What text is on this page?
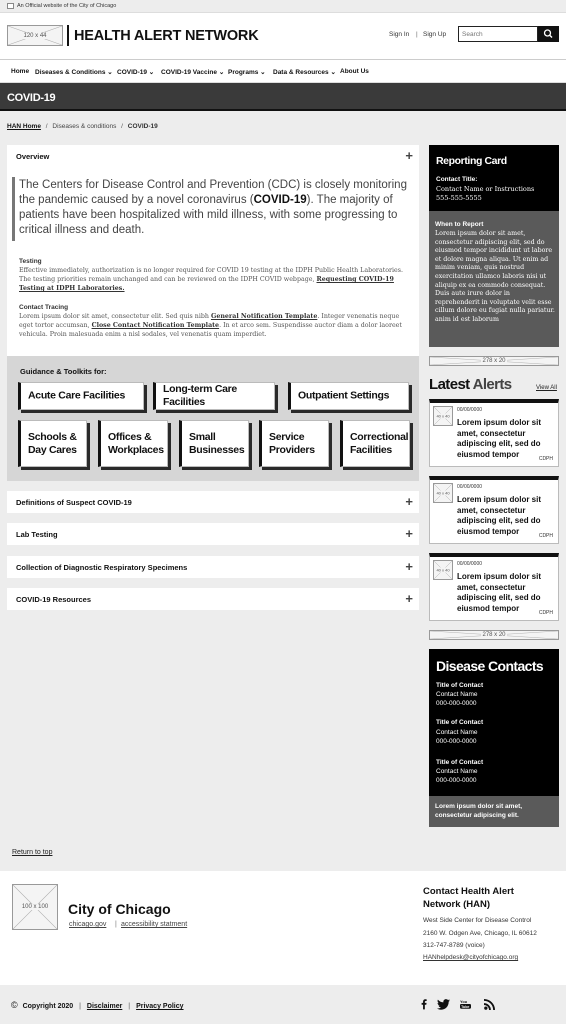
An Official website of the City of Chicago
120 x 44	HEALTH ALERT NETWORK	Sign In | Sign Up
Search
Home Diseases & Conditions ⌄ COVID-19 ⌄ COVID-19 Vaccine ⌄ Programs ⌄ Data & Resources ⌄ About Us
COVID-19
HAN Home / Diseases & conditions / COVID-19
Overview	+
The Centers for Disease Control and Prevention (CDC) is closely monitoring the pandemic caused by a novel coronavirus (COVID-19). The majority of patients have been hospitalized with mild illness, with some progressing to critical illness and death.
Testing
Effective immediately, authorization is no longer required for COVID 19 testing at the IDPH Public Health Laboratories. The testing priorities remain unchanged and can be reviewed on the IDPH COVID webpage, Requesting COVID-19 Testing at IDPH Laboratories.
Contact Tracing
Lorem ipsum dolor sit amet, consectetur elit. Sed quis nibh General Notification Template. Integer venenatis neque eget tortor accumsan, Close Contact Notification Template. In et arco sem. Suspendisse auctor diam a dolor laoreet vehicula. Proin malesuada enim a nisl sodales, vel venenatis quam imperdiet.
Guidance & Toolkits for:
Acute Care Facilities
Long-term Care Facilities
Outpatient Settings
Schools & Day Cares
Offices & Workplaces
Small Businesses
Service Providers
Correctional Facilities
Definitions of Suspect COVID-19	+
Lab Testing	+
Collection of Diagnostic Respiratory Specimens	+
COVID-19 Resources	+
Reporting Card
Contact Title:
Contact Name or Instructions
555-555-5555
When to Report
Lorem ipsum dolor sit amet, consectetur adipiscing elit, sed do eiusmod tempor incididunt ut labore et dolore magna aliqua. Ut enim ad minim veniam, quis nostrud exercitation ullamco laboris nisi ut aliquip ex ea commodo consequat. Duis aute irure dolor in reprehenderit in voluptate velit esse cillum dolore eu fugiat nulla pariatur. anim id est laborum
278 x 20
Latest Alerts	View All
40 x 40
00/00/0000
Lorem ipsum dolor sit amet, consectetur adipiscing elit, sed do eiusmod tempor
CDPH
40 x 40
00/00/0000
Lorem ipsum dolor sit amet, consectetur adipiscing elit, sed do eiusmod tempor
CDPH
40 x 40
00/00/0000
Lorem ipsum dolor sit amet, consectetur adipiscing elit, sed do eiusmod tempor
CDPH
278 x 20
Disease Contacts
Title of Contact
Contact Name
000-000-0000
Title of Contact
Contact Name
000-000-0000
Title of Contact
Contact Name
000-000-0000
Lorem ipsum dolor sit amet, consectetur adipiscing elit.
Return to top
100 x 100	City of Chicago
chicago.gov | accessibility statment
Contact Health Alert Network (HAN)
West Side Center for Disease Control
2160 W. Odgen Ave, Chicago, IL 60612
312-747-8789 (voice)
HANhelpdesk@cityofchicago.org
© Copyright 2020 | Disclaimer | Privacy Policy
You
Tube
